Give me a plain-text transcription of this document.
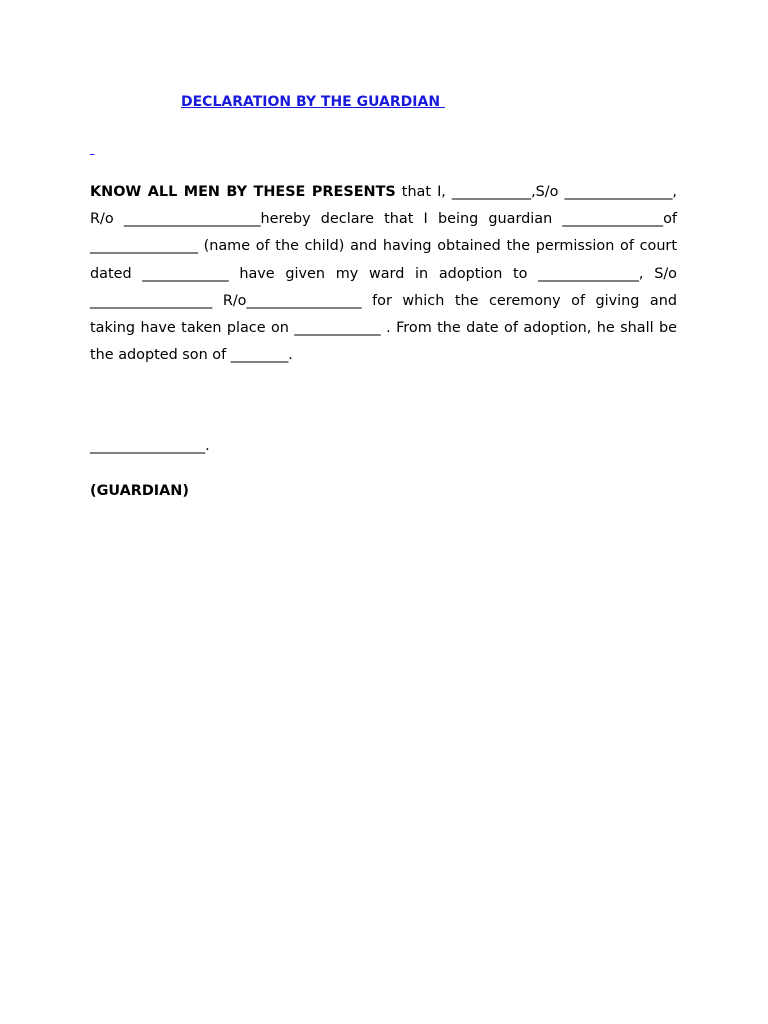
DECLARATION BY THE GUARDIAN

KNOW ALL MEN BY THESE PRESENTS that I, ___________,S/o _______________, R/o ___________________hereby declare that I being guardian ______________of _______________ (name of the child) and having obtained the permission of court dated ____________ have given my ward in adoption to ______________, S/o _________________ R/o________________ for which the ceremony of giving and taking have taken place on ____________ . From the date of adoption, he shall be the adopted son of ________.

________________.
(GUARDIAN)
